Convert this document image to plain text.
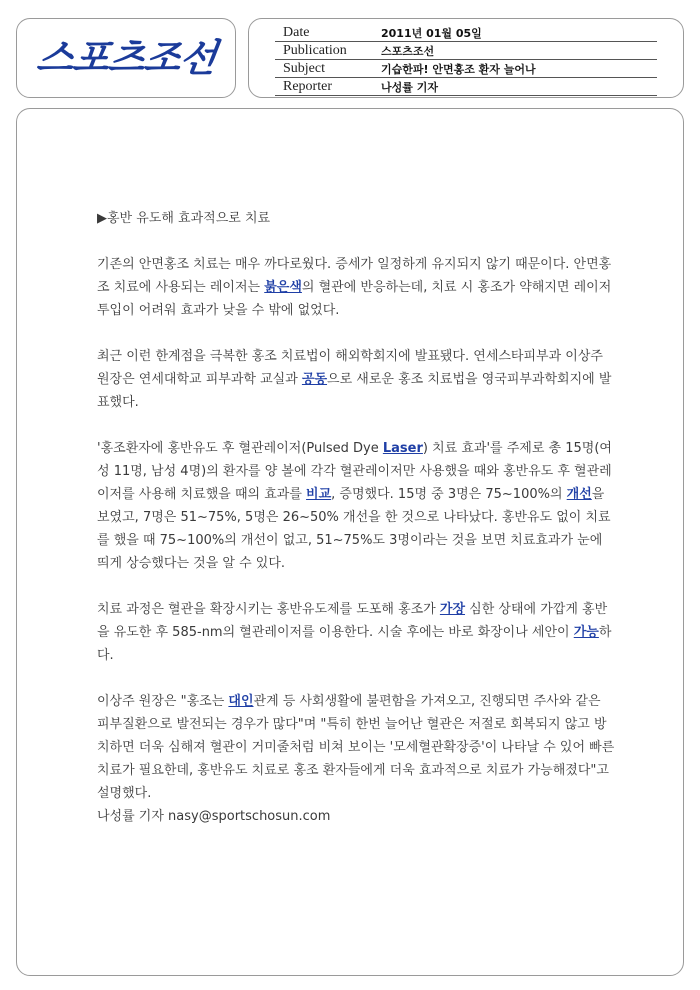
스포츠조선
Date	2011년 01월 05일
Publication	스포츠조선
Subject	기습한파! 안면홍조 환자 늘어나
Reporter	나성률 기자

▶홍반 유도해 효과적으로 치료

기존의 안면홍조 치료는 매우 까다로웠다. 증세가 일정하게 유지되지 않기 때문이다. 안면홍조 치료에 사용되는 레이저는 붉은색의 혈관에 반응하는데, 치료 시 홍조가 약해지면 레이저 투입이 어려워 효과가 낮을 수 밖에 없었다.

최근 이런 한계점을 극복한 홍조 치료법이 해외학회지에 발표됐다. 연세스타피부과 이상주 원장은 연세대학교 피부과학 교실과 공동으로 새로운 홍조 치료법을 영국피부과학회지에 발표했다.

'홍조환자에 홍반유도 후 혈관레이저(Pulsed Dye Laser) 치료 효과'를 주제로 총 15명(여성 11명, 남성 4명)의 환자를 양 볼에 각각 혈관레이저만 사용했을 때와 홍반유도 후 혈관레이저를 사용해 치료했을 때의 효과를 비교, 증명했다. 15명 중 3명은 75~100%의 개선을 보였고, 7명은 51~75%, 5명은 26~50% 개선을 한 것으로 나타났다. 홍반유도 없이 치료를 했을 때 75~100%의 개선이 없고, 51~75%도 3명이라는 것을 보면 치료효과가 눈에 띄게 상승했다는 것을 알 수 있다.

치료 과정은 혈관을 확장시키는 홍반유도제를 도포해 홍조가 가장 심한 상태에 가깝게 홍반을 유도한 후 585-nm의 혈관레이저를 이용한다. 시술 후에는 바로 화장이나 세안이 가능하다.

이상주 원장은 "홍조는 대인관계 등 사회생활에 불편함을 가져오고, 진행되면 주사와 같은 피부질환으로 발전되는 경우가 많다"며 "특히 한번 늘어난 혈관은 저절로 회복되지 않고 방치하면 더욱 심해져 혈관이 거미줄처럼 비쳐 보이는 '모세혈관확장증'이 나타날 수 있어 빠른 치료가 필요한데, 홍반유도 치료로 홍조 환자들에게 더욱 효과적으로 치료가 가능해졌다"고 설명했다.

나성률 기자 nasy@sportschosun.com
